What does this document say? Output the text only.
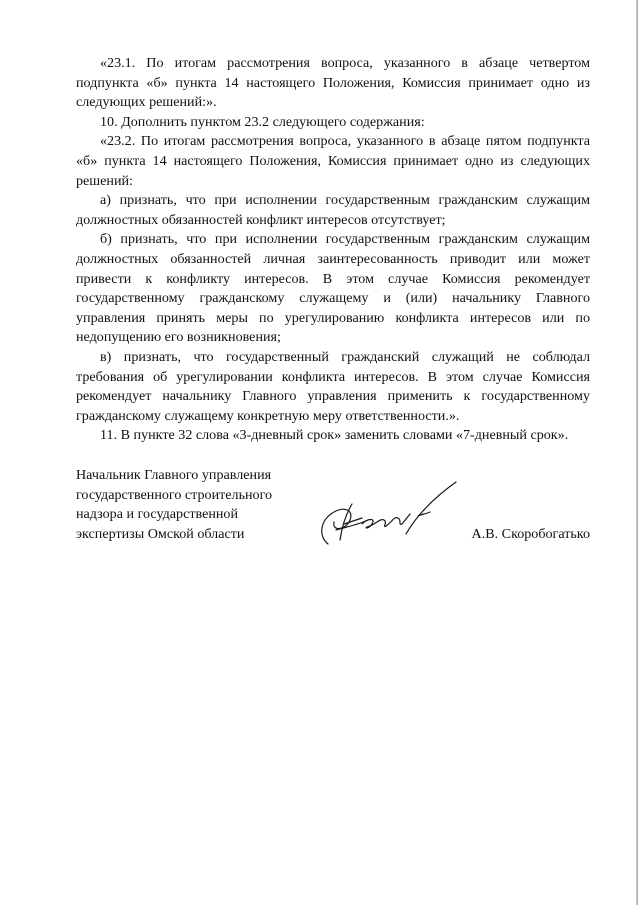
«23.1. По итогам рассмотрения вопроса, указанного в абзаце четвертом подпункта «б» пункта 14 настоящего Положения, Комиссия принимает одно из следующих решений:».

10. Дополнить пунктом 23.2 следующего содержания:

«23.2. По итогам рассмотрения вопроса, указанного в абзаце пятом подпункта «б» пункта 14 настоящего Положения, Комиссия принимает одно из следующих решений:

а) признать, что при исполнении государственным гражданским служащим должностных обязанностей конфликт интересов отсутствует;

б) признать, что при исполнении государственным гражданским служащим должностных обязанностей личная заинтересованность приводит или может привести к конфликту интересов. В этом случае Комиссия рекомендует государственному гражданскому служащему и (или) начальнику Главного управления принять меры по урегулированию конфликта интересов или по недопущению его возникновения;

в) признать, что государственный гражданский служащий не соблюдал требования об урегулировании конфликта интересов. В этом случае Комиссия рекомендует начальнику Главного управления применить к государственному гражданскому служащему конкретную меру ответственности.».

11. В пункте 32 слова «3-дневный срок» заменить словами «7-дневный срок».

Начальник Главного управления
государственного строительного
надзора и государственной
экспертизы Омской области	А.В. Скоробогатько
